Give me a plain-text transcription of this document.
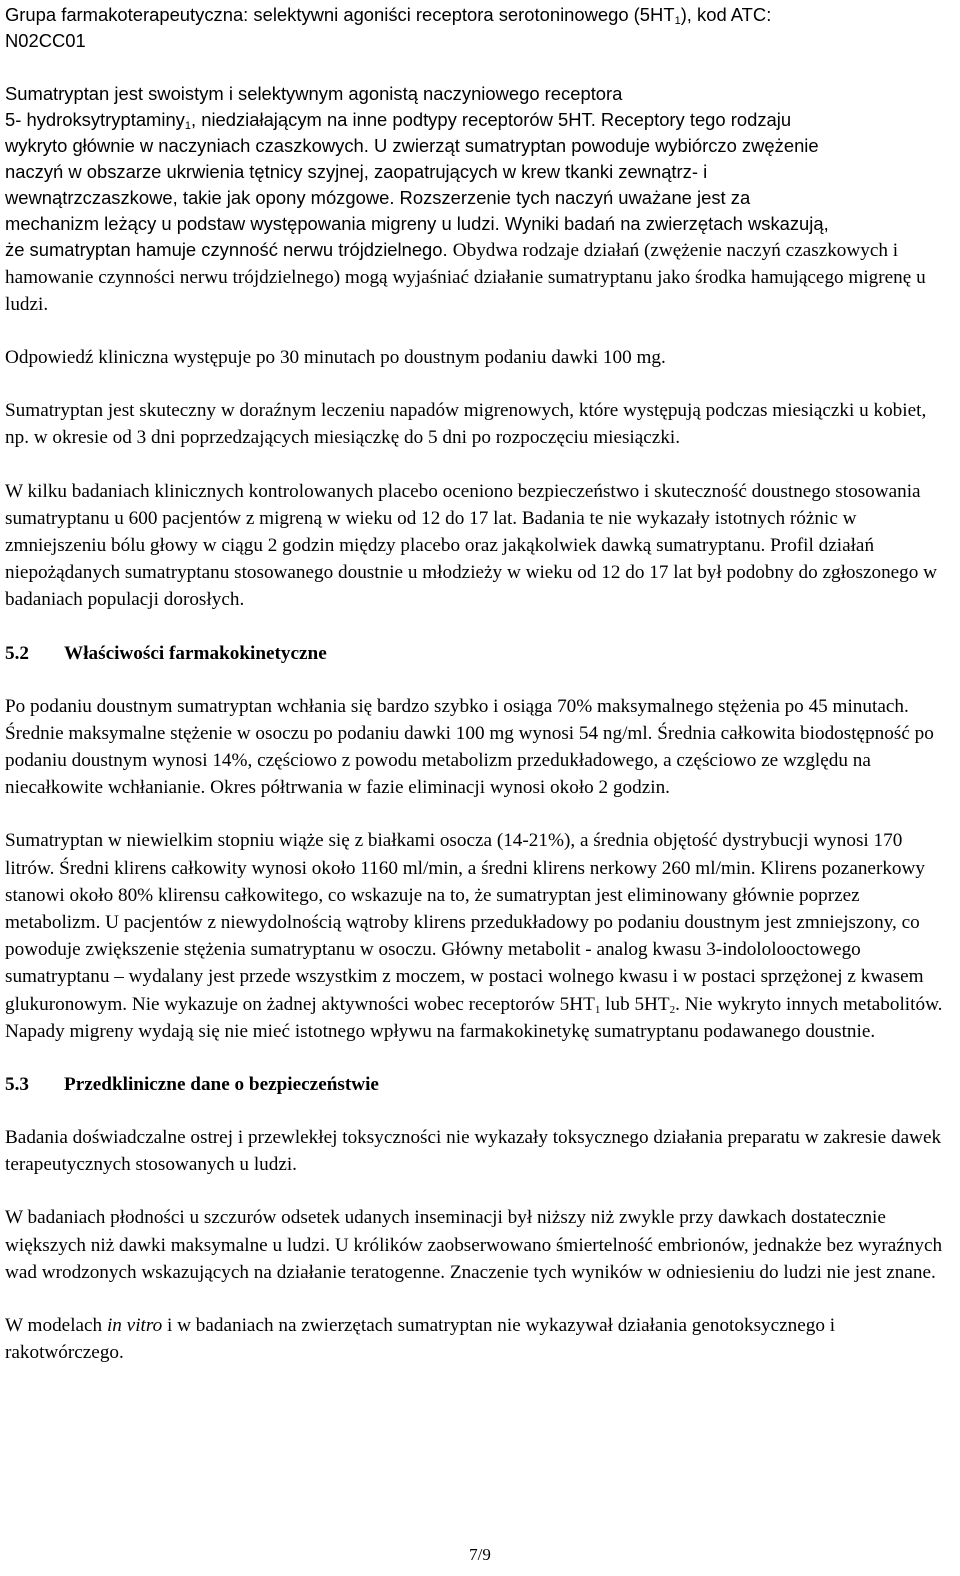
Grupa farmakoterapeutyczna: selektywni agoniści receptora serotoninowego $(5HT_1)$, kod ATC:
N02CC01

Sumatryptan jest swoistym i selektywnym agonistą naczyniowego receptora
5- hydroksytryptaminy$_1$, niedziałającym na inne podtypy receptorów 5HT. Receptory tego rodzaju
wykryto głównie w naczyniach czaszkowych. U zwierząt sumatryptan powoduje wybiórczo zwężenie
naczyń w obszarze ukrwienia tętnicy szyjnej, zaopatrujących w krew tkanki zewnątrz- i
wewnątrzczaszkowe, takie jak opony mózgowe. Rozszerzenie tych naczyń uważane jest za
mechanizm leżący u podstaw występowania migreny u ludzi. Wyniki badań na zwierzętach wskazują,
że sumatryptan hamuje czynność nerwu trójdzielnego. Obydwa rodzaje działań (zwężenie naczyń czaszkowych i hamowanie czynności nerwu trójdzielnego) mogą wyjaśniać działanie sumatryptanu jako środka hamującego migrenę u ludzi.

Odpowiedź kliniczna występuje po 30 minutach po doustnym podaniu dawki 100 mg.

Sumatryptan jest skuteczny w doraźnym leczeniu napadów migrenowych, które występują podczas miesiączki u kobiet, np. w okresie od 3 dni poprzedzających miesiączkę do 5 dni po rozpoczęciu miesiączki.

W kilku badaniach klinicznych kontrolowanych placebo oceniono bezpieczeństwo i skuteczność doustnego stosowania sumatryptanu u 600 pacjentów z migreną w wieku od 12 do 17 lat. Badania te nie wykazały istotnych różnic w zmniejszeniu bólu głowy w ciągu 2 godzin między placebo oraz jakąkolwiek dawką sumatryptanu. Profil działań niepożądanych sumatryptanu stosowanego doustnie u młodzieży w wieku od 12 do 17 lat był podobny do zgłoszonego w badaniach populacji dorosłych.

5.2	Właściwości farmakokinetyczne

Po podaniu doustnym sumatryptan wchłania się bardzo szybko i osiąga 70% maksymalnego stężenia po 45 minutach. Średnie maksymalne stężenie w osoczu po podaniu dawki 100 mg wynosi 54 ng/ml. Średnia całkowita biodostępność po podaniu doustnym wynosi 14%, częściowo z powodu metabolizm przedukładowego, a częściowo ze względu na niecałkowite wchłanianie. Okres półtrwania w fazie eliminacji wynosi około 2 godzin.

Sumatryptan w niewielkim stopniu wiąże się z białkami osocza (14-21%), a średnia objętość dystrybucji wynosi 170 litrów. Średni klirens całkowity wynosi około 1160 ml/min, a średni klirens nerkowy 260 ml/min. Klirens pozanerkowy stanowi około 80% klirensu całkowitego, co wskazuje na to, że sumatryptan jest eliminowany głównie poprzez metabolizm. U pacjentów z niewydolnością wątroby klirens przedukładowy po podaniu doustnym jest zmniejszony, co powoduje zwiększenie stężenia sumatryptanu w osoczu. Główny metabolit - analog kwasu 3-indololooctowego sumatryptanu – wydalany jest przede wszystkim z moczem, w postaci wolnego kwasu i w postaci sprzężonej z kwasem glukuronowym. Nie wykazuje on żadnej aktywności wobec receptorów $5HT_1$ lub $5HT_2$. Nie wykryto innych metabolitów. Napady migreny wydają się nie mieć istotnego wpływu na farmakokinetykę sumatryptanu podawanego doustnie.

5.3	Przedkliniczne dane o bezpieczeństwie

Badania doświadczalne ostrej i przewlekłej toksyczności nie wykazały toksycznego działania preparatu w zakresie dawek terapeutycznych stosowanych u ludzi.

W badaniach płodności u szczurów odsetek udanych inseminacji był niższy niż zwykle przy dawkach dostatecznie większych niż dawki maksymalne u ludzi. U królików zaobserwowano śmiertelność embrionów, jednakże bez wyraźnych wad wrodzonych wskazujących na działanie teratogenne. Znaczenie tych wyników w odniesieniu do ludzi nie jest znane.

W modelach in vitro i w badaniach na zwierzętach sumatryptan nie wykazywał działania genotoksycznego i rakotwórczego.

7/9
